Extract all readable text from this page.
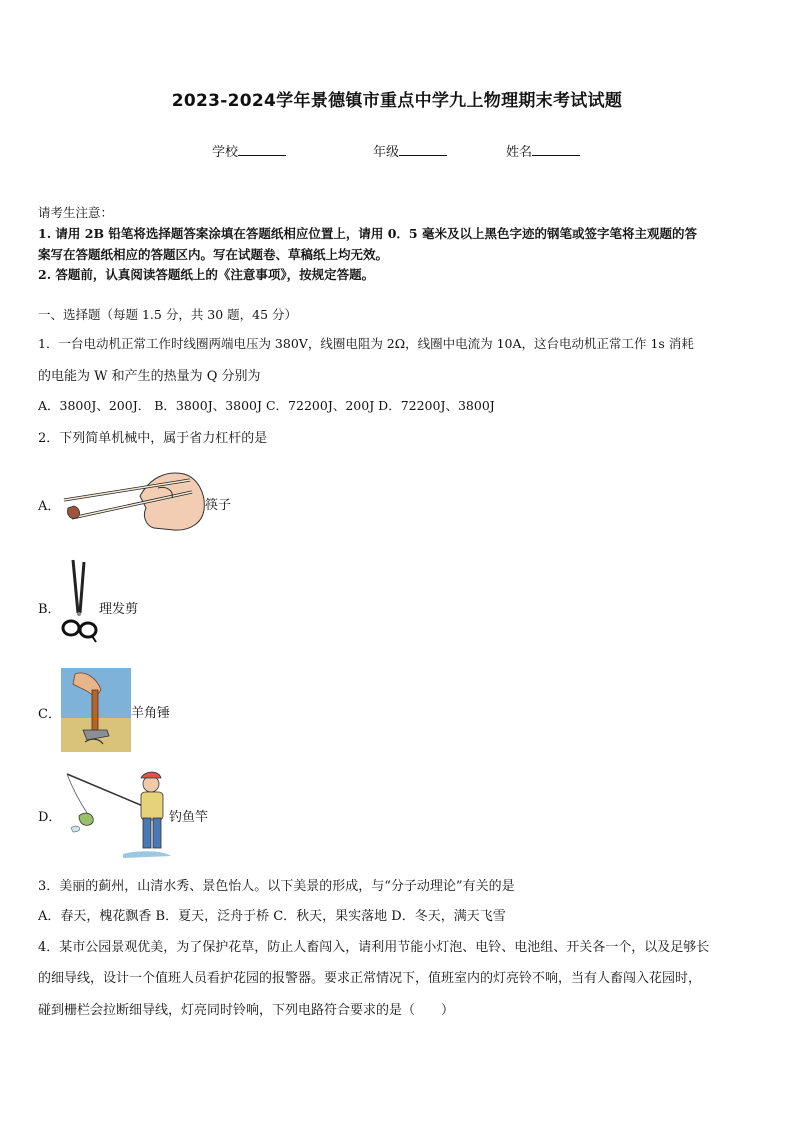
2023-2024学年景德镇市重点中学九上物理期末考试试题
学校	年级	姓名
请考生注意：
1. 请用 2B 铅笔将选择题答案涂填在答题纸相应位置上，请用 0．5 毫米及以上黑色字迹的钢笔或签字笔将主观题的答
案写在答题纸相应的答题区内。写在试题卷、草稿纸上均无效。
2. 答题前，认真阅读答题纸上的《注意事项》，按规定答题。
一、选择题（每题 1.5 分，共 30 题，45 分）
1．一台电动机正常工作时线圈两端电压为 380V，线圈电阻为 2Ω，线圈中电流为 10A，这台电动机正常工作 1s 消耗
的电能为 W 和产生的热量为 Q 分别为
A．3800J、200J． B．3800J、3800J C．72200J、200J D．72200J、3800J
2．下列简单机械中，属于省力杠杆的是
A．	筷子
B．	理发剪
C．	羊角锤
D．	钓鱼竿
3．美丽的蓟州，山清水秀、景色怡人。以下美景的形成，与“分子动理论”有关的是
A．春天，槐花飘香 B．夏天，泛舟于桥 C．秋天，果实落地 D．冬天，满天飞雪
4．某市公园景观优美，为了保护花草，防止人畜闯入，请利用节能小灯泡、电铃、电池组、开关各一个，以及足够长
的细导线，设计一个值班人员看护花园的报警器。要求正常情况下，值班室内的灯亮铃不响，当有人畜闯入花园时，
碰到栅栏会拉断细导线，灯亮同时铃响，下列电路符合要求的是（　　）
